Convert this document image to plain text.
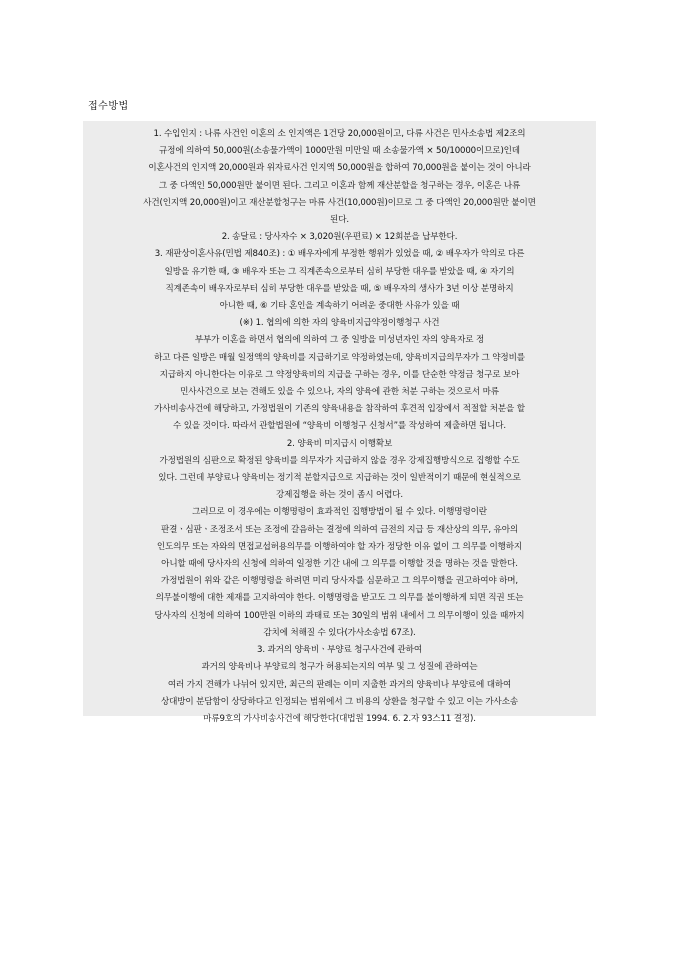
접수방법
1. 수입인지 : 나류 사건인 이혼의 소 인지액은 1건당 20,000원이고, 다류 사건은 민사소송법 제2조의
규정에 의하여 50,000원(소송물가액이 1000만원 미만일 때 소송물가액 × 50/10000이므로)인데
이혼사건의 인지액 20,000원과 위자료사건 인지액 50,000원을 합하여 70,000원을 붙이는 것이 아니라
그 중 다액인 50,000원만 붙이면 된다. 그리고 이혼과 함께 재산분할을 청구하는 경우, 이혼은 나류
사건(인지액 20,000원)이고 재산분할청구는 마류 사건(10,000원)이므로 그 중 다액인 20,000원만 붙이면
된다.
2. 송달료 : 당사자수 × 3,020원(우편료) × 12회분을 납부한다.
3. 재판상이혼사유(민법 제840조) : ① 배우자에게 부정한 행위가 있었을 때, ② 배우자가 악의로 다른
일방을 유기한 때, ③ 배우자 또는 그 직계존속으로부터 심히 부당한 대우를 받았을 때, ④ 자기의
직계존속이 배우자로부터 심히 부당한 대우를 받았을 때, ⑤ 배우자의 생사가 3년 이상 분명하지
아니한 때, ⑥ 기타 혼인을 계속하기 어려운 중대한 사유가 있을 때
(※) 1. 협의에 의한 자의 양육비지급약정이행청구 사건
부부가 이혼을 하면서 협의에 의하여 그 중 일방을 미성년자인 자의 양육자로 정
하고 다른 일방은 매월 일정액의 양육비를 지급하기로 약정하였는데, 양육비지급의무자가 그 약정비를
지급하지 아니한다는 이유로 그 약정양육비의 지급을 구하는 경우, 이를 단순한 약정금 청구로 보아
민사사건으로 보는 견해도 있을 수 있으나, 자의 양육에 관한 처분 구하는 것으로서 마류
가사비송사건에 해당하고, 가정법원이 기존의 양육내용을 참작하여 후견적 입장에서 적절할 처분을 할
수 있을 것이다. 따라서 관할법원에 “양육비 이행청구 신청서”를 작성하여 제출하면 됩니다.
2. 양육비 미지급시 이행확보
가정법원의 심판으로 확정된 양육비를 의무자가 지급하지 않을 경우 강제집행방식으로 집행할 수도
있다. 그런데 부양료나 양육비는 정기적 분할지급으로 지급하는 것이 일반적이기 때문에 현실적으로
강제집행을 하는 것이 좀시 어렵다.
그러므로 이 경우에는 이행명령이 효과적인 집행방법이 될 수 있다. 이행명령이란
판결ㆍ심판ㆍ조정조서 또는 조정에 갈음하는 결정에 의하여 금전의 지급 등 재산상의 의무, 유아의
인도의무 또는 자와의 면접교섭허용의무를 이행하여야 할 자가 정당한 이유 없이 그 의무를 이행하지
아니할 때에 당사자의 신청에 의하여 일정한 기간 내에 그 의무를 이행할 것을 명하는 것을 말한다.
가정법원이 위와 같은 이행명령을 하려면 미리 당사자를 심문하고 그 의무이행을 권고하여야 하며,
의무불이행에 대한 제재를 고지하여야 한다. 이행명령을 받고도 그 의무를 불이행하게 되면 직권 또는
당사자의 신청에 의하여 100만원 이하의 과태료 또는 30일의 범위 내에서 그 의무이행이 있을 때까지
감치에 처해질 수 있다(가사소송법 67조).
3. 과거의 양육비ㆍ부양료 청구사건에 관하여
과거의 양육비나 부양료의 청구가 허용되는지의 여부 및 그 성질에 관하여는
여러 가지 견해가 나뉘어 있지만, 최근의 판례는 이미 지출한 과거의 양육비나 부양료에 대하여
상대방이 분담함이 상당하다고 인정되는 범위에서 그 비용의 상환을 청구할 수 있고 이는 가사소송
마류9호의 가사비송사건에 해당한다(대법원 1994. 6. 2.자 93스11 결정).
